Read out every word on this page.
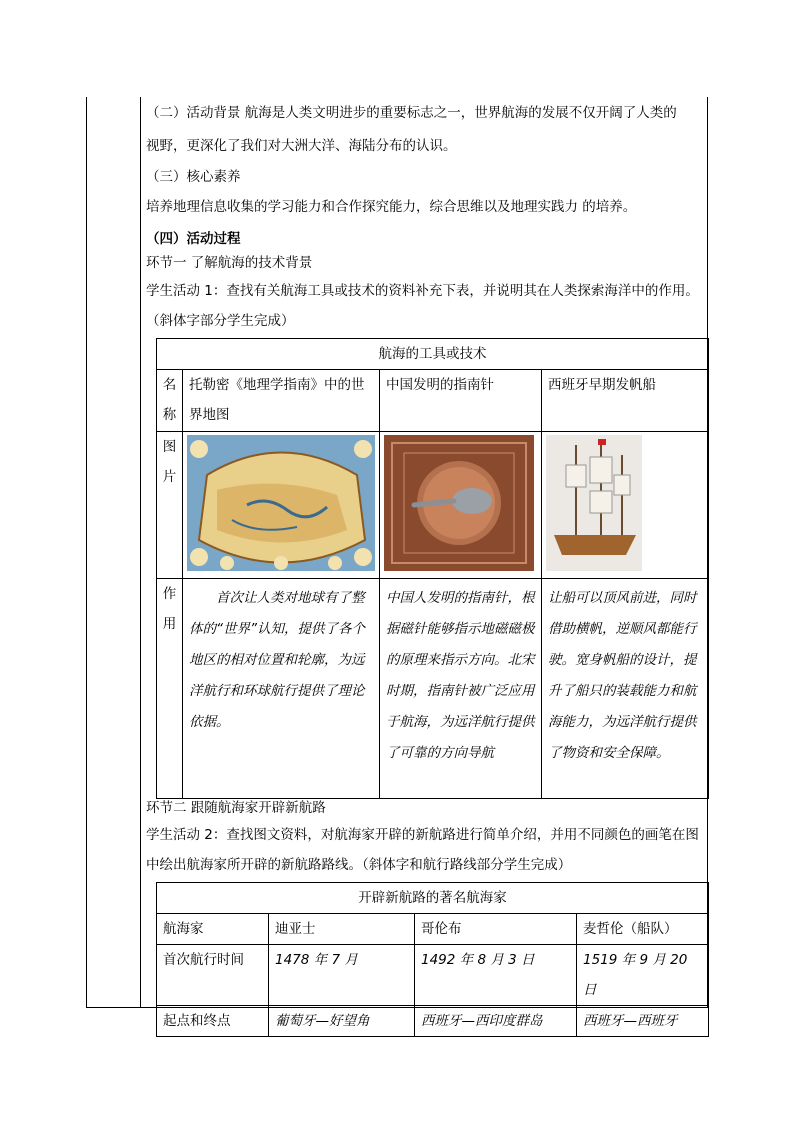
（二）活动背景 航海是人类文明进步的重要标志之一，世界航海的发展不仅开阔了人类的
视野，更深化了我们对大洲大洋、海陆分布的认识。
（三）核心素养
培养地理信息收集的学习能力和合作探究能力，综合思维以及地理实践力 的培养。
（四）活动过程
环节一 了解航海的技术背景
学生活动 1：查找有关航海工具或技术的资料补充下表，并说明其在人类探索海洋中的作用。
（斜体字部分学生完成）
航海的工具或技术			

名
称	托勒密《地理学指南》中的世界地图	中国发明的指南针	西班牙早期发帆船

图
片

作
用	　　首次让人类对地球有了整体的“世界”认知，提供了各个地区的相对位置和轮廓，为远洋航行和环球航行提供了理论依据。	中国人发明的指南针，根据磁针能够指示地磁磁极的原理来指示方向。北宋时期，指南针被广泛应用于航海，为远洋航行提供了可靠的方向导航	让船可以顶风前进，同时借助横帆，逆顺风都能行驶。宽身帆船的设计，提升了船只的装载能力和航海能力，为远洋航行提供了物资和安全保障。
环节二 跟随航海家开辟新航路
学生活动 2：查找图文资料，对航海家开辟的新航路进行简单介绍，并用不同颜色的画笔在图
中绘出航海家所开辟的新航路路线。（斜体字和航行路线部分学生完成）
开辟新航路的著名航海家			
航海家	迪亚士	哥伦布	麦哲伦（船队）
首次航行时间	1478 年 7 月	1492 年 8 月 3 日	1519 年 9 月 20 日
起点和终点	葡萄牙—好望角	西班牙—西印度群岛	西班牙—西班牙
